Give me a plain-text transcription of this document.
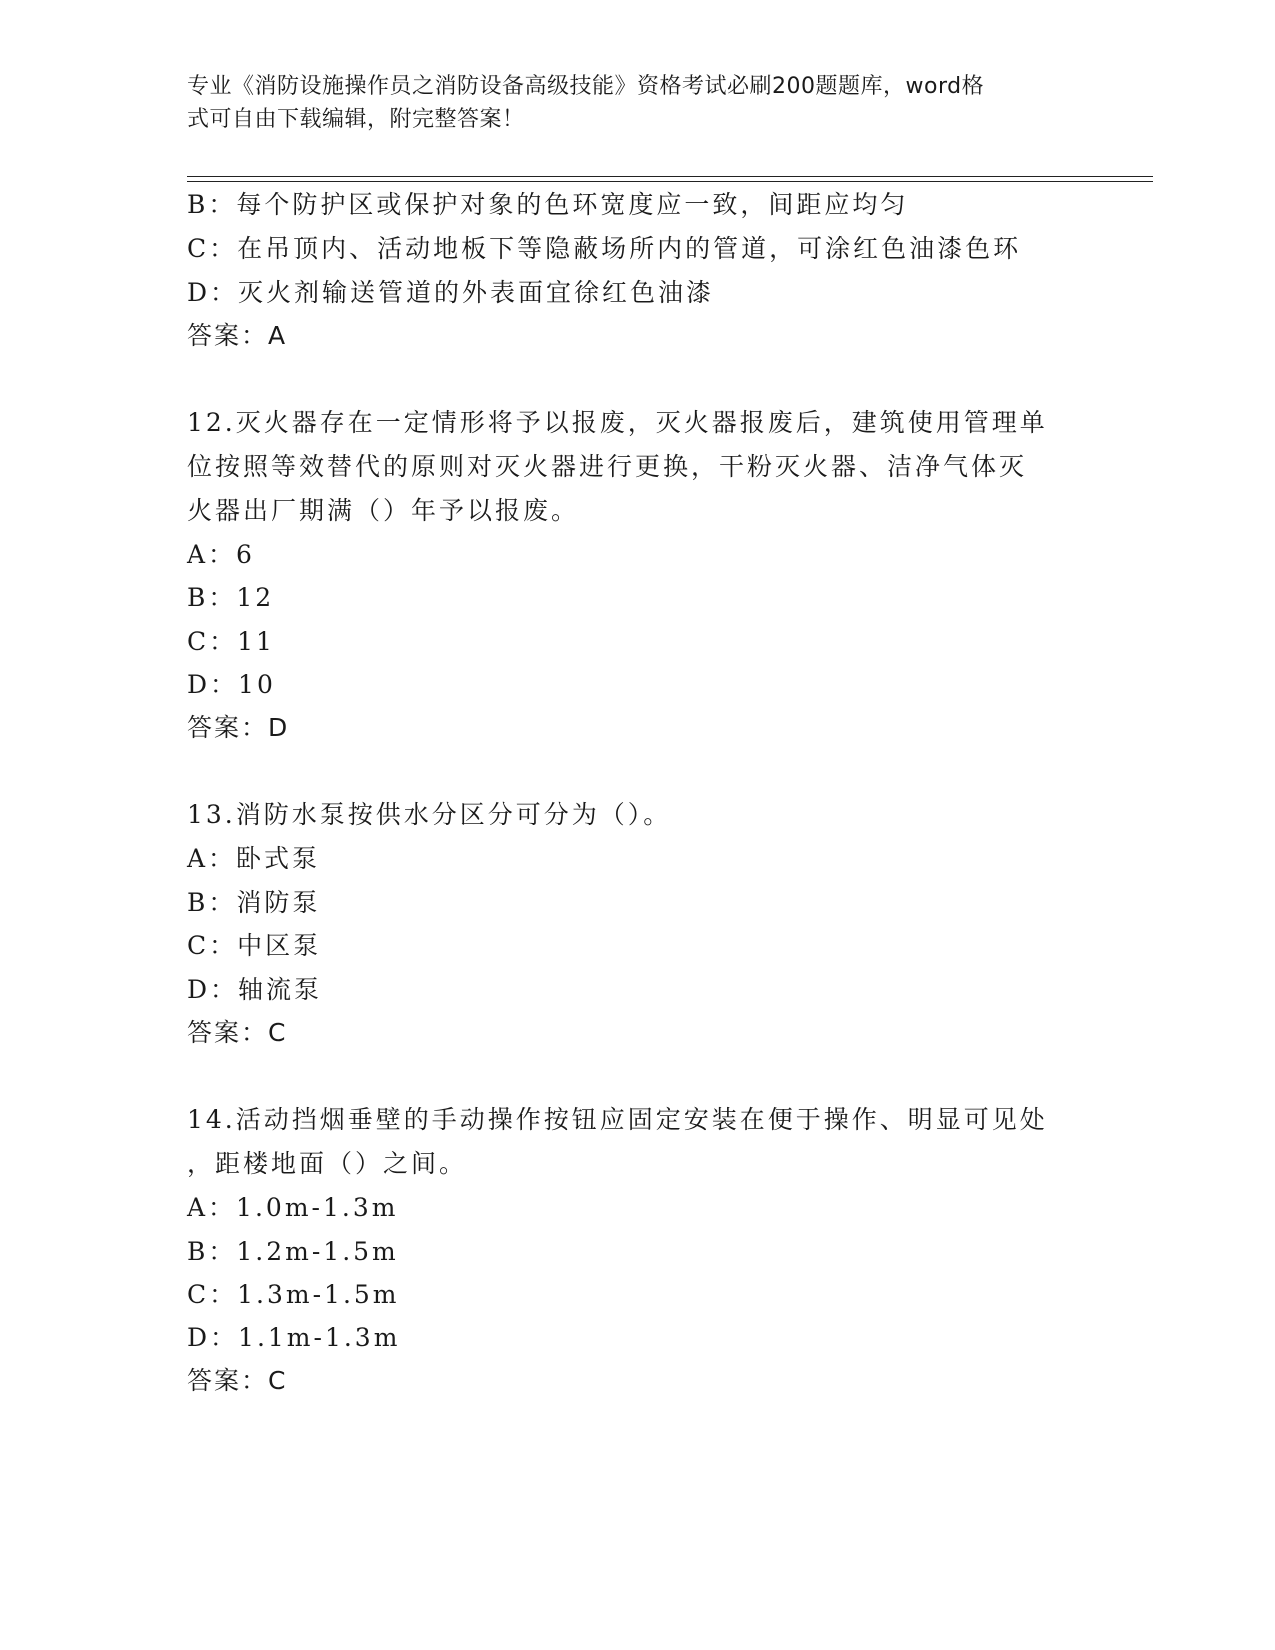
专业《消防设施操作员之消防设备高级技能》资格考试必刷200题题库，word格
式可自由下载编辑，附完整答案！
B：每个防护区或保护对象的色环宽度应一致，间距应均匀
C：在吊顶内、活动地板下等隐蔽场所内的管道，可涂红色油漆色环
D：灭火剂输送管道的外表面宜徐红色油漆
答案：A
12.灭火器存在一定情形将予以报废，灭火器报废后，建筑使用管理单
位按照等效替代的原则对灭火器进行更换，干粉灭火器、洁净气体灭
火器出厂期满（）年予以报废。
A：6
B：12
C：11
D：10
答案：D
13.消防水泵按供水分区分可分为（）。
A：卧式泵
B：消防泵
C：中区泵
D：轴流泵
答案：C
14.活动挡烟垂壁的手动操作按钮应固定安装在便于操作、明显可见处
，距楼地面（）之间。
A：1.0m-1.3m
B：1.2m-1.5m
C：1.3m-1.5m
D：1.1m-1.3m
答案：C
